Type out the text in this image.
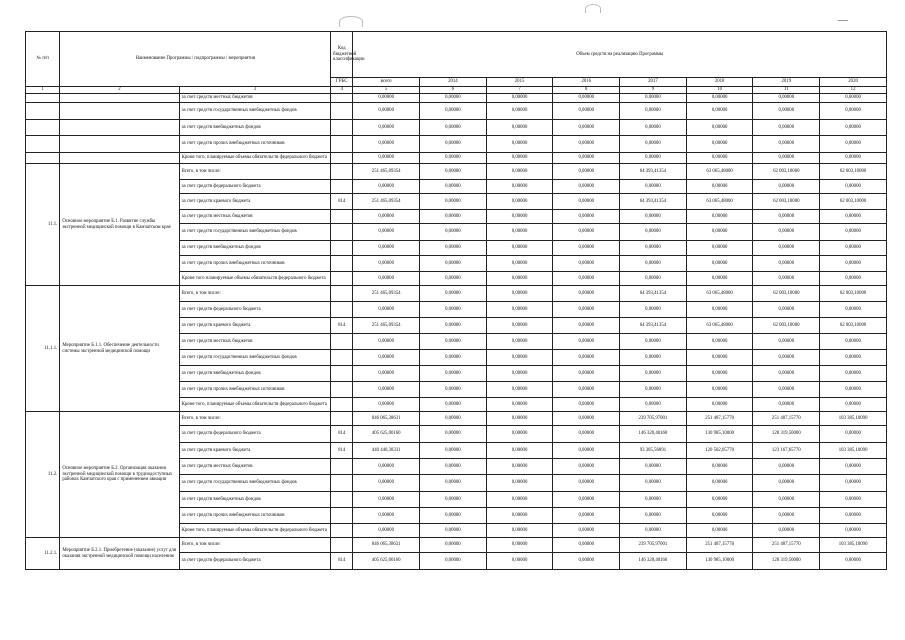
№ п/п	Наименование Программы / подпрограммы / мероприятия		Код бюджетной классификации	Объем средств на реализацию Программы							
			ГРБС	всего	2014	2015	2016	2017	2018	2019	2020
1	2	3	4	5	6	7	8	9	10	11	12
		за счет средств местных бюджетов		0,00000	0,00000	0,00000	0,00000	0,00000	0,00000	0,00000	0,00000
		за счет средств государственных внебюджетных фондов		0,00000	0,00000	0,00000	0,00000	0,00000	0,00000	0,00000	0,00000
		за счет средств внебюджетных фондов		0,00000	0,00000	0,00000	0,00000	0,00000	0,00000	0,00000	0,00000
		за счет средств прочих внебюджетных источников		0,00000	0,00000	0,00000	0,00000	0,00000	0,00000	0,00000	0,00000
		Кроме того, планируемые объемы обязательств федерального бюджета		0,00000	0,00000	0,00000	0,00000	0,00000	0,00000	0,00000	0,00000
11.1.	Основное мероприятие Б.1. Развитие службы экстренной медицинской помощи в Камчатском крае	Всего, в том числе:		251 465,09354	0,00000	0,00000	0,00000	64 393,41354	63 065,48000	62 003,10000	62 003,10000
		за счет средств федерального бюджета		0,00000	0,00000	0,00000	0,00000	0,00000	0,00000	0,00000	0,00000
		за счет средств краевого бюджета	814	251 465,09354	0,00000	0,00000	0,00000	64 393,41354	63 065,48000	62 003,10000	62 003,10000
		за счет средств местных бюджетов		0,00000	0,00000	0,00000	0,00000	0,00000	0,00000	0,00000	0,00000
		за счет средств государственных внебюджетных фондов		0,00000	0,00000	0,00000	0,00000	0,00000	0,00000	0,00000	0,00000
		за счет средств внебюджетных фондов		0,00000	0,00000	0,00000	0,00000	0,00000	0,00000	0,00000	0,00000
		за счет средств прочих внебюджетных источников		0,00000	0,00000	0,00000	0,00000	0,00000	0,00000	0,00000	0,00000
		Кроме того планируемые объемы обязательств федерального бюджета		0,00000	0,00000	0,00000	0,00000	0,00000	0,00000	0,00000	0,00000
11.1.1.	Мероприятие Б.1.1. Обеспечение деятельности системы экстренной медицинской помощи	Всего, в том числе:		251 465,09354	0,00000	0,00000	0,00000	64 393,41354	63 065,48000	62 003,10000	62 003,10000
		за счет средств федерального бюджета		0,00000	0,00000	0,00000	0,00000	0,00000	0,00000	0,00000	0,00000
		за счет средств краевого бюджета	814	251 465,09354	0,00000	0,00000	0,00000	64 393,41354	63 065,48000	62 003,10000	62 003,10000
		за счет средств местных бюджетов		0,00000	0,00000	0,00000	0,00000	0,00000	0,00000	0,00000	0,00000
		за счет средств государственных внебюджетных фондов		0,00000	0,00000	0,00000	0,00000	0,00000	0,00000	0,00000	0,00000
		за счет средств внебюджетных фондов		0,00000	0,00000	0,00000	0,00000	0,00000	0,00000	0,00000	0,00000
		за счет средств прочих внебюджетных источников		0,00000	0,00000	0,00000	0,00000	0,00000	0,00000	0,00000	0,00000
		Кроме того, планируемые объемы обязательств федерального бюджета		0,00000	0,00000	0,00000	0,00000	0,00000	0,00000	0,00000	0,00000
11.2.	Основное мероприятие Б.2. Организация оказания экстренной медицинской помощи в труднодоступных районах Камчатского края с применением авиации	Всего, в том числе:		846 065,38631	0,00000	0,00000	0,00000	239 705,97001	251 487,15770	251 487,15770	103 385,10090
		за счет средств федерального бюджета	814	405 625,00160	0,00000	0,00000	0,00000	146 320,40160	130 985,10000	128 319,50000	0,00000
		за счет средств краевого бюджета	814	440 440,38331	0,00000	0,00000	0,00000	93 385,56891	120 502,05770	123 167,65770	103 385,10090
		за счет средств местных бюджетов		0,00000	0,00000	0,00000	0,00000	0,00000	0,00000	0,00000	0,00000
		за счет средств государственных внебюджетных фондов		0,00000	0,00000	0,00000	0,00000	0,00000	0,00000	0,00000	0,00000
		за счет средств внебюджетных фондов		0,00000	0,00000	0,00000	0,00000	0,00000	0,00000	0,00000	0,00000
		за счет средств прочих внебюджетных источников		0,00000	0,00000	0,00000	0,00000	0,00000	0,00000	0,00000	0,00000
		Кроме того, планируемые объемы обязательств федерального бюджета		0,00000	0,00000	0,00000	0,00000	0,00000	0,00000	0,00000	0,00000
11.2.1.	Мероприятие Б.2.1. Приобретение (оказание) услуг для оказания экстренной медицинской помощи населению	Всего, в том числе:		846 065,38631	0,00000	0,00000	0,00000	239 705,97001	251 487,15770	251 487,15770	103 385,10090
		за счет средств федерального бюджета	814	405 625,00160	0,00000	0,00000	0,00000	146 320,40160	130 985,10000	128 319,50000	0,00000
